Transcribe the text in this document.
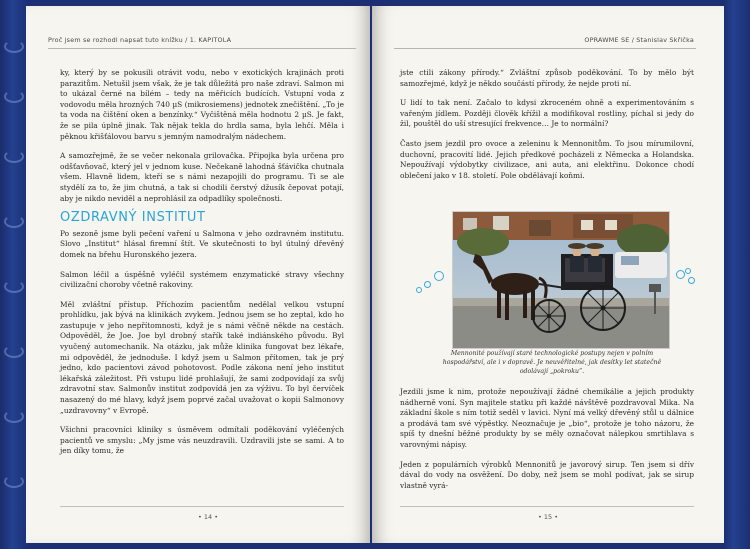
Proč jsem se rozhodl napsat tuto knížku / 1. KAPITOLA

ky, který by se pokusili otrávit vodu, nebo v exotických krajinách proti parazitům. Netušil jsem však, že je tak důležitá pro naše zdraví. Salmon mi to ukázal černé na bílém – tedy na měřicích budících. Vstupní voda z vodovodu měla hrozných 740 µS (mikrosiemens) jednotek znečištění. „To je ta voda na čištění oken a benzínky.“ Vyčištěná měla hodnotu 2 µS. Je fakt, že se pila úplně jinak. Tak nějak tekla do hrdla sama, byla lehčí. Měla i pěknou křišťálovou barvu s jemným namodralým nádechem.

A samozřejmě, že se večer nekonala grilovačka. Připojka byla určena pro odšťavňovač, který jel v jednom kuse. Nečekaně lahodná šťávička chutnala všem. Hlavně lidem, kteří se s námi nezapojili do programu. Ti se ale stydělí za to, že jim chutná, a tak si chodili čerstvý džusík čepovat potají, aby je nikdo neviděl a neprohlásil za odpadlíky společnosti.

OZDRAVNÝ INSTITUT

Po sezoně jsme byli pečení vaření u Salmona v jeho ozdravném institutu. Slovo „Institut“ hlásal firemní štít. Ve skutečnosti to byl útulný dřevěný domek na břehu Huronského jezera.

Salmon léčil a úspěšně vyléčil systémem enzymatické stravy všechny civilizační choroby včetně rakoviny.

Měl zvláštní přístup. Příchozím pacientům nedělal velkou vstupní prohlídku, jak bývá na klinikách zvykem. Jednou jsem se ho zeptal, kdo ho zastupuje v jeho nepřítomnosti, když je s námi věčně někde na cestách. Odpověděl, že Joe. Joe byl drobný stařík také indiánského původu. Byl vyučený automechanik. Na otázku, jak může klinika fungovat bez lékaře, mi odpověděl, že jednoduše. I když jsem u Salmon přítomen, tak je prý jedno, kdo pacientovi závod pohotovost. Podle zákona není jeho institut lékařská záležitost. Při vstupu lidé prohlašují, že sami zodpovídají za svůj zdravotní stav. Salmonův institut zodpovídá jen za výživu. To byl červíček nasazený do mé hlavy, když jsem poprvé začal uvažovat o kopii Salmonovy „uzdravovny“ v Evropě.

Všichni pracovníci kliniky s úsměvem odmítali poděkování vyléčených pacientů ve smyslu: „My jsme vás neuzdravili. Uzdravili jste se sami. A to jen díky tomu, že

• 14 •
OPRAWME SE / Stanislav Skřička

jste ctili zákony přírody.“ Zvláštní způsob poděkování. To by mělo být samozřejmé, když je někdo součástí přírody, že nejde proti ní.

U lidí to tak není. Začalo to kdysi zkroceném ohně a experimentováním s vařeným jídlem. Později člověk křížil a modifikoval rostliny, píchal si jedy do žil, pouštěl do uší stresující frekvence… Je to normální?

Často jsem jezdil pro ovoce a zeleninu k Mennonitům. To jsou mírumilovní, duchovní, pracovití lidé. Jejich předkové pocházeli z Německa a Holandska. Nepoužívají výdobytky civilizace, ani auta, ani elektřinu. Dokonce chodí oblečení jako v 18. století. Pole obdělávají koňmi.

Mennonité používají staré technologické postupy nejen v polním hospodářství, ale i v dopravě. Je neuvěřitelné, jak desítky let statečně odolávají „pokroku“.

Jezdili jsme k nim, protože nepoužívají žádné chemikálie a jejich produkty nádherně voní. Syn majitele statku při každé návštěvě pozdravoval Mika. Na základní škole s ním totiž seděl v lavici. Nyní má velký dřevěný stůl u dálnice a prodává tam své výpěstky. Neoznačuje je „bio“, protože je toho názoru, že spíš ty dnešní běžné produkty by se měly označovat nálepkou smrtihlava s varovnými nápisy.

Jeden z populárních výrobků Mennonitů je javorový sirup. Ten jsem si dřív dával do vody na osvěžení. Do doby, než jsem se mohl podívat, jak se sirup vlastně vyrá-

• 15 •
